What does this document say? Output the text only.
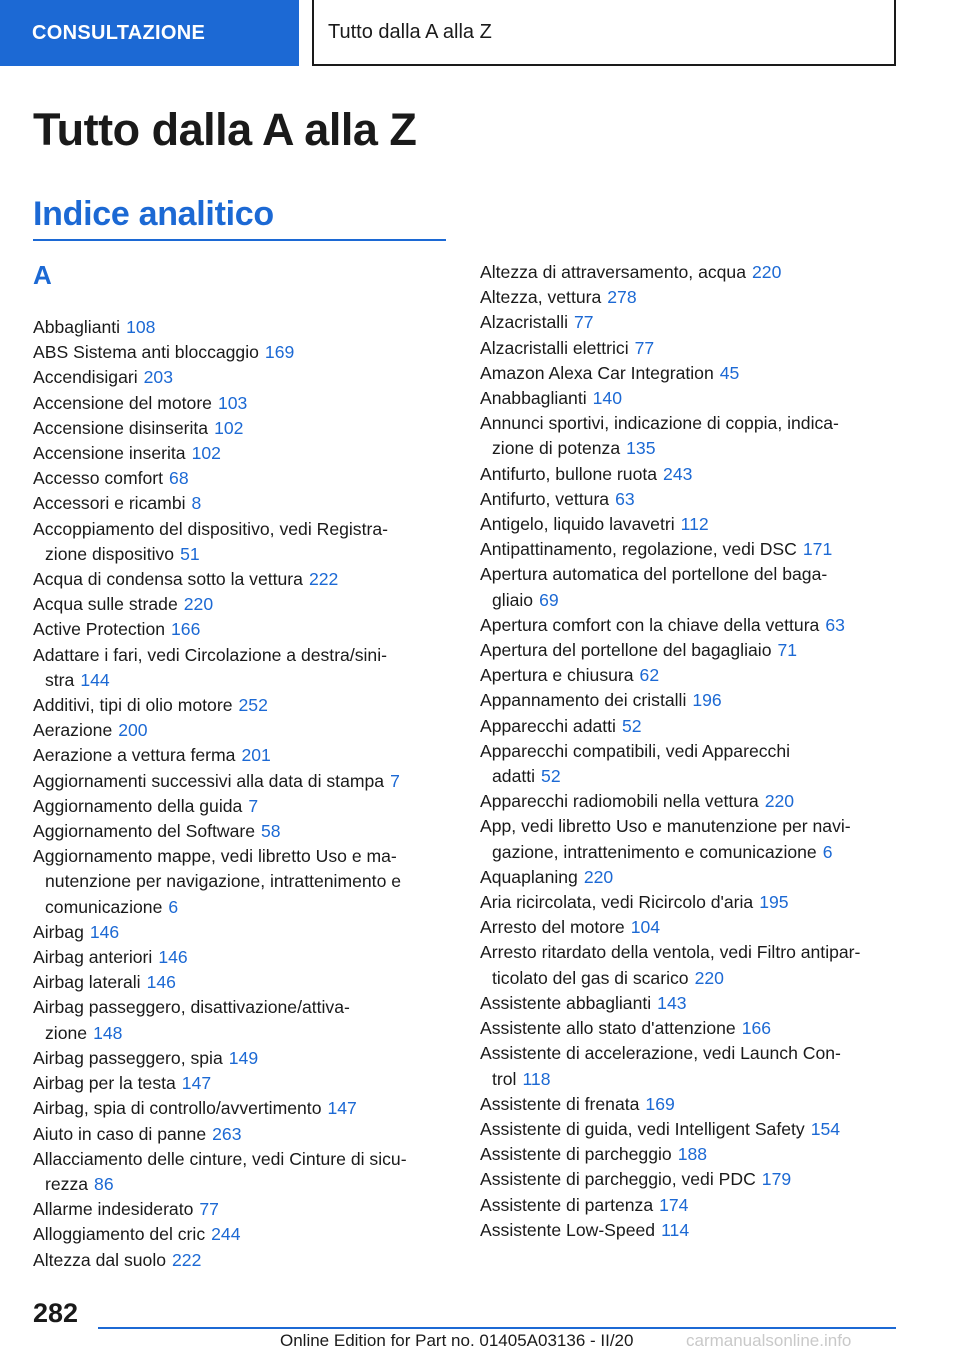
CONSULTAZIONE	Tutto dalla A alla Z
Tutto dalla A alla Z
Indice analitico
A
Abbaglianti 108
ABS Sistema anti bloccaggio 169
Accendisigari 203
Accensione del motore 103
Accensione disinserita 102
Accensione inserita 102
Accesso comfort 68
Accessori e ricambi 8
Accoppiamento del dispositivo, vedi Registra-
zione dispositivo 51
Acqua di condensa sotto la vettura 222
Acqua sulle strade 220
Active Protection 166
Adattare i fari, vedi Circolazione a destra/sini-
stra 144
Additivi, tipi di olio motore 252
Aerazione 200
Aerazione a vettura ferma 201
Aggiornamenti successivi alla data di stampa 7
Aggiornamento della guida 7
Aggiornamento del Software 58
Aggiornamento mappe, vedi libretto Uso e ma-
nutenzione per navigazione, intrattenimento e
comunicazione 6
Airbag 146
Airbag anteriori 146
Airbag laterali 146
Airbag passeggero, disattivazione/attiva-
zione 148
Airbag passeggero, spia 149
Airbag per la testa 147
Airbag, spia di controllo/avvertimento 147
Aiuto in caso di panne 263
Allacciamento delle cinture, vedi Cinture di sicu-
rezza 86
Allarme indesiderato 77
Alloggiamento del cric 244
Altezza dal suolo 222
Altezza di attraversamento, acqua 220
Altezza, vettura 278
Alzacristalli 77
Alzacristalli elettrici 77
Amazon Alexa Car Integration 45
Anabbaglianti 140
Annunci sportivi, indicazione di coppia, indica-
zione di potenza 135
Antifurto, bullone ruota 243
Antifurto, vettura 63
Antigelo, liquido lavavetri 112
Antipattinamento, regolazione, vedi DSC 171
Apertura automatica del portellone del baga-
gliaio 69
Apertura comfort con la chiave della vettura 63
Apertura del portellone del bagagliaio 71
Apertura e chiusura 62
Appannamento dei cristalli 196
Apparecchi adatti 52
Apparecchi compatibili, vedi Apparecchi
adatti 52
Apparecchi radiomobili nella vettura 220
App, vedi libretto Uso e manutenzione per navi-
gazione, intrattenimento e comunicazione 6
Aquaplaning 220
Aria ricircolata, vedi Ricircolo d'aria 195
Arresto del motore 104
Arresto ritardato della ventola, vedi Filtro antipar-
ticolato del gas di scarico 220
Assistente abbaglianti 143
Assistente allo stato d'attenzione 166
Assistente di accelerazione, vedi Launch Con-
trol 118
Assistente di frenata 169
Assistente di guida, vedi Intelligent Safety 154
Assistente di parcheggio 188
Assistente di parcheggio, vedi PDC 179
Assistente di partenza 174
Assistente Low-Speed 114
282
Online Edition for Part no. 01405A03136 - II/20	carmanualsonline.info
